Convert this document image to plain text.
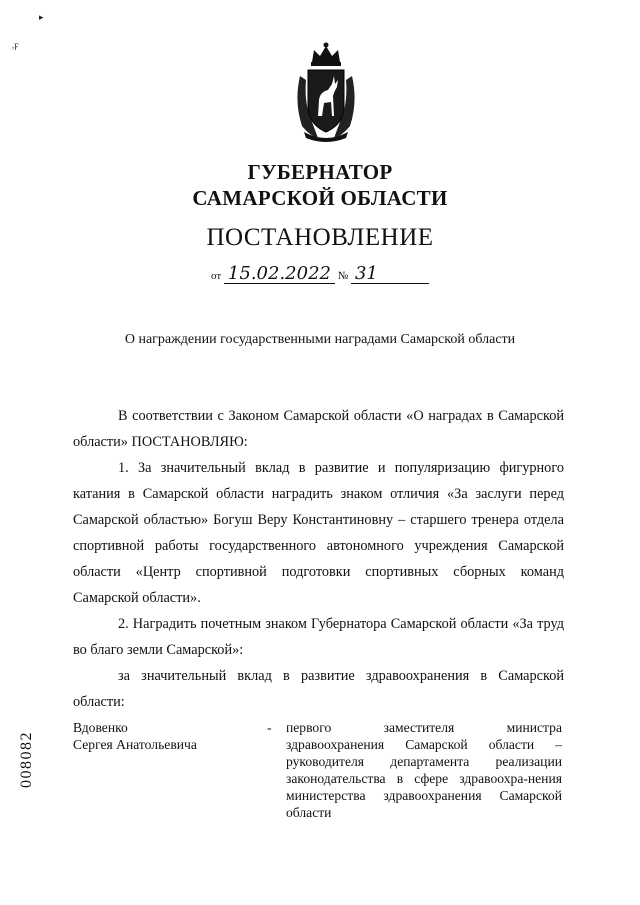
▸
,ϝ
ГУБЕРНАТОР
САМАРСКОЙ ОБЛАСТИ
ПОСТАНОВЛЕНИЕ
от 15.02.2022 № 31
О награждении государственными наградами Самарской области
В соответствии с Законом Самарской области «О наградах в Самарской области» ПОСТАНОВЛЯЮ:
1. За значительный вклад в развитие и популяризацию фигурного катания в Самарской области наградить знаком отличия «За заслуги перед Самарской областью» Богуш Веру Константиновну – старшего тренера отдела спортивной работы государственного автономного учреждения Самарской области «Центр спортивной подготовки спортивных сборных команд Самарской области».
2. Наградить почетным знаком Губернатора Самарской области «За труд во благо земли Самарской»:
за значительный вклад в развитие здравоохранения в Самарской области:
Вдовенко
Сергея Анатольевича
- первого заместителя министра здравоохранения Самарской области – руководителя департамента реализации законодательства в сфере здравоохра-нения министерства здравоохранения Самарской области
008082
